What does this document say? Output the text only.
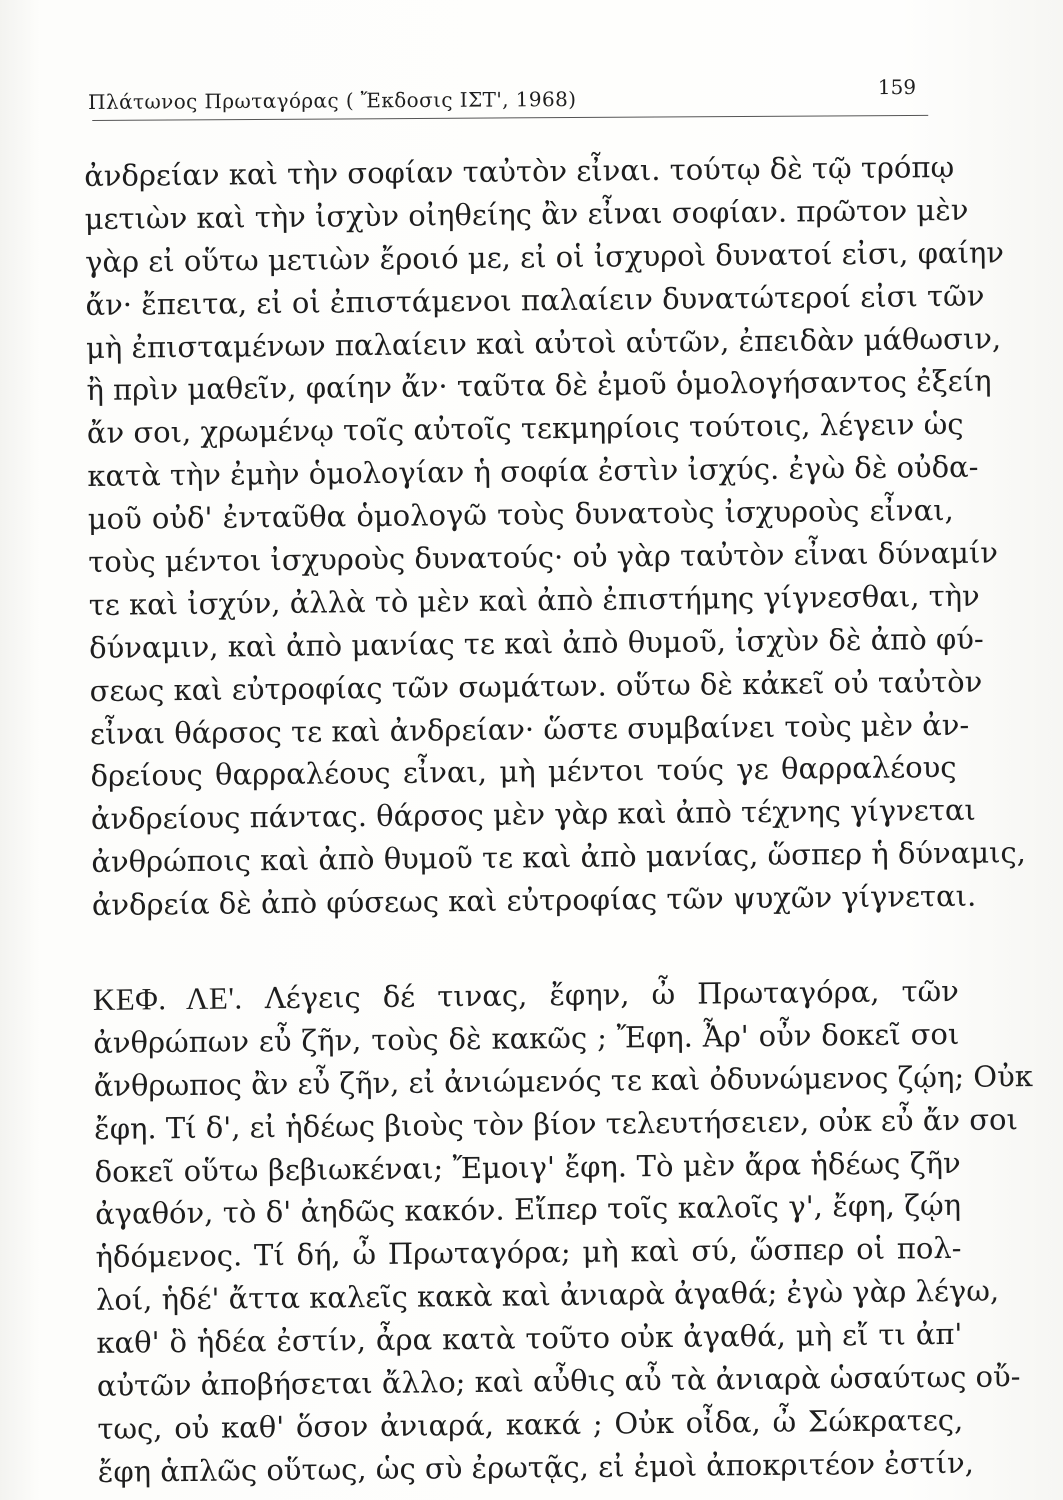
Πλάτωνος Πρωταγόρας ( Ἔκδοσις ΙΣΤ', 1968)	159
ἀνδρείαν καὶ τὴν σοφίαν ταὐτὸν εἶναι. τούτῳ δὲ τῷ τρόπῳ
μετιὼν καὶ τὴν ἰσχὺν οἰηθείης ἂν εἶναι σοφίαν. πρῶτον μὲν
γὰρ εἰ οὕτω μετιὼν ἔροιό με, εἰ οἱ ἰσχυροὶ δυνατοί εἰσι, φαίην
ἄν· ἔπειτα, εἰ οἱ ἐπιστάμενοι παλαίειν δυνατώτεροί εἰσι τῶν
μὴ ἐπισταμένων παλαίειν καὶ αὐτοὶ αὑτῶν, ἐπειδὰν μάθωσιν,
ἢ πρὶν μαθεῖν, φαίην ἄν· ταῦτα δὲ ἐμοῦ ὁμολογήσαντος ἐξείη
ἄν σοι, χρωμένῳ τοῖς αὐτοῖς τεκμηρίοις τούτοις, λέγειν ὡς
κατὰ τὴν ἐμὴν ὁμολογίαν ἡ σοφία ἐστὶν ἰσχύς. ἐγὼ δὲ οὐδα-
μοῦ οὐδ' ἐνταῦθα ὁμολογῶ τοὺς δυνατοὺς ἰσχυροὺς εἶναι,
τοὺς μέντοι ἰσχυροὺς δυνατούς· οὐ γὰρ ταὐτὸν εἶναι δύναμίν
τε καὶ ἰσχύν, ἀλλὰ τὸ μὲν καὶ ἀπὸ ἐπιστήμης γίγνεσθαι, τὴν
δύναμιν, καὶ ἀπὸ μανίας τε καὶ ἀπὸ θυμοῦ, ἰσχὺν δὲ ἀπὸ φύ-
σεως καὶ εὐτροφίας τῶν σωμάτων. οὕτω δὲ κἀκεῖ οὐ ταὐτὸν
εἶναι θάρσος τε καὶ ἀνδρείαν· ὥστε συμβαίνει τοὺς μὲν ἀν-
δρείους θαρραλέους εἶναι, μὴ μέντοι τούς γε θαρραλέους
ἀνδρείους πάντας. θάρσος μὲν γὰρ καὶ ἀπὸ τέχνης γίγνεται
ἀνθρώποις καὶ ἀπὸ θυμοῦ τε καὶ ἀπὸ μανίας, ὥσπερ ἡ δύναμις,
ἀνδρεία δὲ ἀπὸ φύσεως καὶ εὐτροφίας τῶν ψυχῶν γίγνεται.
ΚΕΦ. ΛΕ'. Λέγεις δέ τινας, ἔφην, ὦ Πρωταγόρα, τῶν
ἀνθρώπων εὖ ζῆν, τοὺς δὲ κακῶς ; Ἔφη. Ἆρ' οὖν δοκεῖ σοι
ἄνθρωπος ἂν εὖ ζῆν, εἰ ἀνιώμενός τε καὶ ὀδυνώμενος ζῴη; Οὐκ
ἔφη. Τί δ', εἰ ἡδέως βιοὺς τὸν βίον τελευτήσειεν, οὐκ εὖ ἄν σοι
δοκεῖ οὕτω βεβιωκέναι; Ἔμοιγ' ἔφη. Τὸ μὲν ἄρα ἡδέως ζῆν
ἀγαθόν, τὸ δ' ἀηδῶς κακόν. Εἴπερ τοῖς καλοῖς γ', ἔφη, ζῴη
ἡδόμενος. Τί δή, ὦ Πρωταγόρα; μὴ καὶ σύ, ὥσπερ οἱ πολ-
λοί, ἡδέ' ἄττα καλεῖς κακὰ καὶ ἀνιαρὰ ἀγαθά; ἐγὼ γὰρ λέγω,
καθ' ὃ ἡδέα ἐστίν, ἆρα κατὰ τοῦτο οὐκ ἀγαθά, μὴ εἴ τι ἀπ'
αὐτῶν ἀποβήσεται ἄλλο; καὶ αὖθις αὖ τὰ ἀνιαρὰ ὡσαύτως οὔ-
τως, οὐ καθ' ὅσον ἀνιαρά, κακά ; Οὐκ οἶδα, ὦ Σώκρατες,
ἔφη ἁπλῶς οὕτως, ὡς σὺ ἐρωτᾷς, εἰ ἐμοὶ ἀποκριτέον ἐστίν,
